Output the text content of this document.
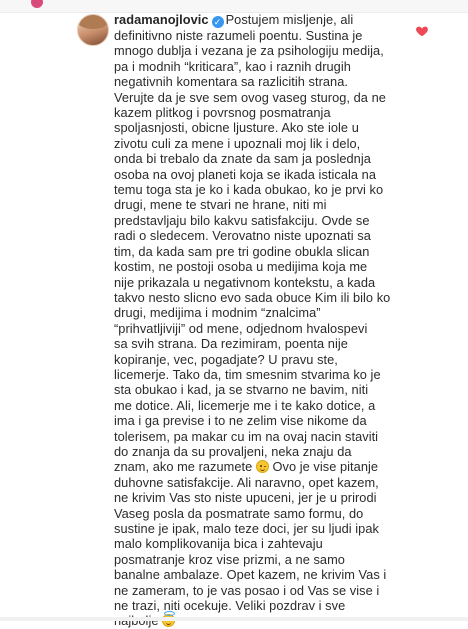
radamanojlovic ✓ Postujem misljenje, ali
definitivno niste razumeli poentu. Sustina je
mnogo dublja i vezana je za psihologiju medija,
pa i modnih “kriticara”, kao i raznih drugih
negativnih komentara sa razlicitih strana.
Verujte da je sve sem ovog vaseg sturog, da ne
kazem plitkog i povrsnog posmatranja
spoljasnjosti, obicne ljusture. Ako ste iole u
zivotu culi za mene i upoznali moj lik i delo,
onda bi trebalo da znate da sam ja poslednja
osoba na ovoj planeti koja se ikada isticala na
temu toga sta je ko i kada obukao, ko je prvi ko
drugi, mene te stvari ne hrane, niti mi
predstavljaju bilo kakvu satisfakciju. Ovde se
radi o sledecem. Verovatno niste upoznati sa
tim, da kada sam pre tri godine obukla slican
kostim, ne postoji osoba u medijima koja me
nije prikazala u negativnom kontekstu, a kada
takvo nesto slicno evo sada obuce Kim ili bilo ko
drugi, medijima i modnim “znalcima”
“prihvatljiviji” od mene, odjednom hvalospevi
sa svih strana. Da rezimiram, poenta nije
kopiranje, vec, pogadjate? U pravu ste,
licemerje. Tako da, tim smesnim stvarima ko je
sta obukao i kad, ja se stvarno ne bavim, niti
me dotice. Ali, licemerje me i te kako dotice, a
ima i ga previse i to ne zelim vise nikome da
tolerisem, pa makar cu im na ovaj nacin staviti
do znanja da su provaljeni, neka znaju da
znam, ako me razumete Ovo je vise pitanje
duhovne satisfakcije. Ali naravno, opet kazem,
ne krivim Vas sto niste upuceni, jer je u prirodi
Vaseg posla da posmatrate samo formu, do
sustine je ipak, malo teze doci, jer su ljudi ipak
malo komplikovanija bica i zahtevaju
posmatranje kroz vise prizmi, a ne samo
banalne ambalaze. Opet kazem, ne krivim Vas i
ne zameram, to je vas posao i od Vas se vise i
ne trazi, niti ocekuje. Veliki pozdrav i sve
